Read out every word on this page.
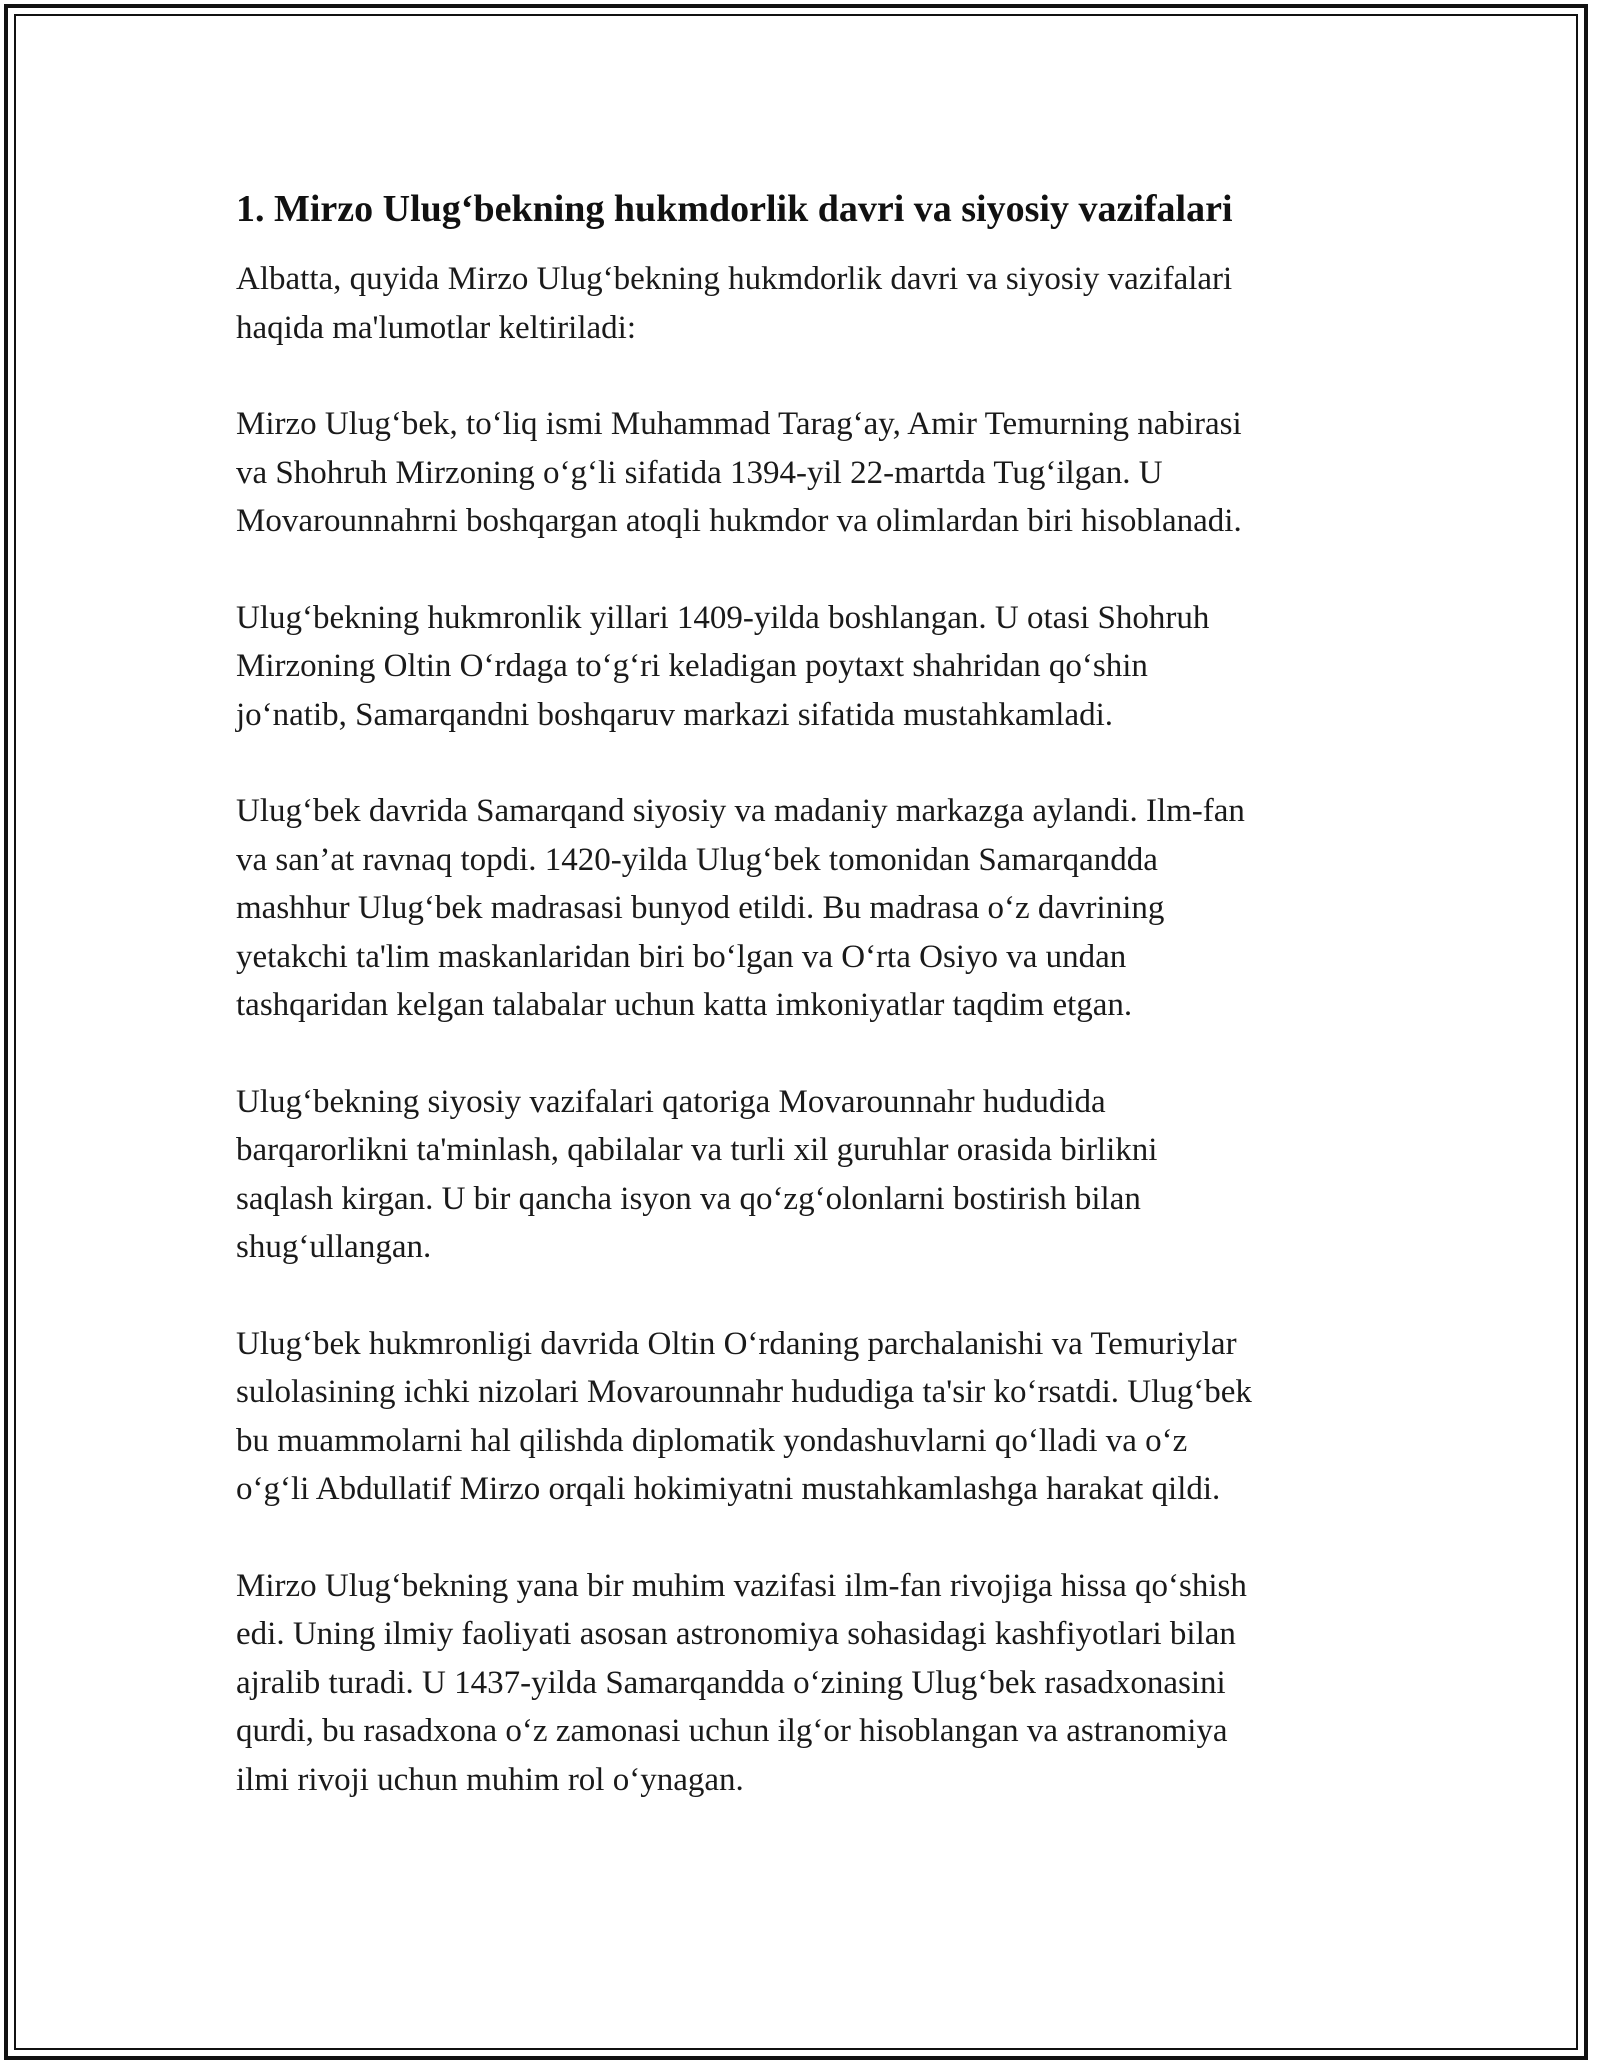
1. Mirzo Ulug‘bekning hukmdorlik davri va siyosiy vazifalari

Albatta, quyida Mirzo Ulug‘bekning hukmdorlik davri va siyosiy vazifalari
haqida ma'lumotlar keltiriladi:

Mirzo Ulug‘bek, to‘liq ismi Muhammad Tarag‘ay, Amir Temurning nabirasi
va Shohruh Mirzoning o‘g‘li sifatida 1394-yil 22-martda Tug‘ilgan. U
Movarounnahrni boshqargan atoqli hukmdor va olimlardan biri hisoblanadi.

Ulug‘bekning hukmronlik yillari 1409-yilda boshlangan. U otasi Shohruh
Mirzoning Oltin O‘rdaga to‘g‘ri keladigan poytaxt shahridan qo‘shin
jo‘natib, Samarqandni boshqaruv markazi sifatida mustahkamladi.

Ulug‘bek davrida Samarqand siyosiy va madaniy markazga aylandi. Ilm-fan
va san’at ravnaq topdi. 1420-yilda Ulug‘bek tomonidan Samarqandda
mashhur Ulug‘bek madrasasi bunyod etildi. Bu madrasa o‘z davrining
yetakchi ta'lim maskanlaridan biri bo‘lgan va O‘rta Osiyo va undan
tashqaridan kelgan talabalar uchun katta imkoniyatlar taqdim etgan.

Ulug‘bekning siyosiy vazifalari qatoriga Movarounnahr hududida
barqarorlikni ta'minlash, qabilalar va turli xil guruhlar orasida birlikni
saqlash kirgan. U bir qancha isyon va qo‘zg‘olonlarni bostirish bilan
shug‘ullangan.

Ulug‘bek hukmronligi davrida Oltin O‘rdaning parchalanishi va Temuriylar
sulolasining ichki nizolari Movarounnahr hududiga ta'sir ko‘rsatdi. Ulug‘bek
bu muammolarni hal qilishda diplomatik yondashuvlarni qo‘lladi va o‘z
o‘g‘li Abdullatif Mirzo orqali hokimiyatni mustahkamlashga harakat qildi.

Mirzo Ulug‘bekning yana bir muhim vazifasi ilm-fan rivojiga hissa qo‘shish
edi. Uning ilmiy faoliyati asosan astronomiya sohasidagi kashfiyotlari bilan
ajralib turadi. U 1437-yilda Samarqandda o‘zining Ulug‘bek rasadxonasini
qurdi, bu rasadxona o‘z zamonasi uchun ilg‘or hisoblangan va astranomiya
ilmi rivoji uchun muhim rol o‘ynagan.
